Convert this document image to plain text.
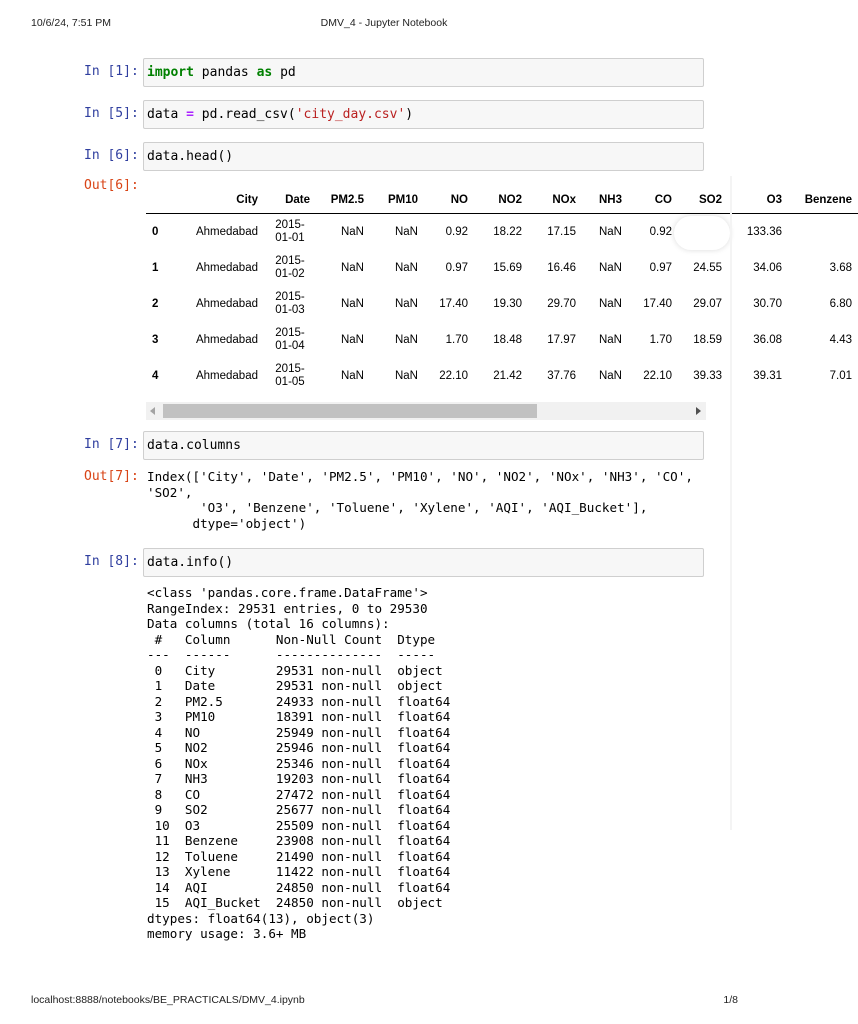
10/6/24, 7:51 PM	DMV_4 - Jupyter Notebook
In [1]: import pandas as pd
In [5]: data = pd.read_csv('city_day.csv')
In [6]: data.head()
Out[6]:
	City	Date	PM2.5	PM10	NO	NO2	NOx	NH3	CO	SO2	O3	Benzene
0	Ahmedabad	2015-
01-01	NaN	NaN	0.92	18.22	17.15	NaN	0.92		133.36	
1	Ahmedabad	2015-
01-02	NaN	NaN	0.97	15.69	16.46	NaN	0.97	24.55	34.06	3.68
2	Ahmedabad	2015-
01-03	NaN	NaN	17.40	19.30	29.70	NaN	17.40	29.07	30.70	6.80
3	Ahmedabad	2015-
01-04	NaN	NaN	1.70	18.48	17.97	NaN	1.70	18.59	36.08	4.43
4	Ahmedabad	2015-
01-05	NaN	NaN	22.10	21.42	37.76	NaN	22.10	39.33	39.31	7.01
In [7]: data.columns
Out[7]: Index(['City', 'Date', 'PM2.5', 'PM10', 'NO', 'NO2', 'NOx', 'NH3', 'CO',
'SO2',
'O3', 'Benzene', 'Toluene', 'Xylene', 'AQI', 'AQI_Bucket'],
dtype='object')
In [8]: data.info()
<class 'pandas.core.frame.DataFrame'>
RangeIndex: 29531 entries, 0 to 29530
Data columns (total 16 columns):
#   Column      Non-Null Count  Dtype
---  ------      --------------  -----
0   City        29531 non-null  object
1   Date        29531 non-null  object
2   PM2.5       24933 non-null  float64
3   PM10        18391 non-null  float64
4   NO          25949 non-null  float64
5   NO2         25946 non-null  float64
6   NOx         25346 non-null  float64
7   NH3         19203 non-null  float64
8   CO          27472 non-null  float64
9   SO2         25677 non-null  float64
10  O3          25509 non-null  float64
11  Benzene     23908 non-null  float64
12  Toluene     21490 non-null  float64
13  Xylene      11422 non-null  float64
14  AQI         24850 non-null  float64
15  AQI_Bucket  24850 non-null  object
dtypes: float64(13), object(3)
memory usage: 3.6+ MB
localhost:8888/notebooks/BE_PRACTICALS/DMV_4.ipynb	1/8
